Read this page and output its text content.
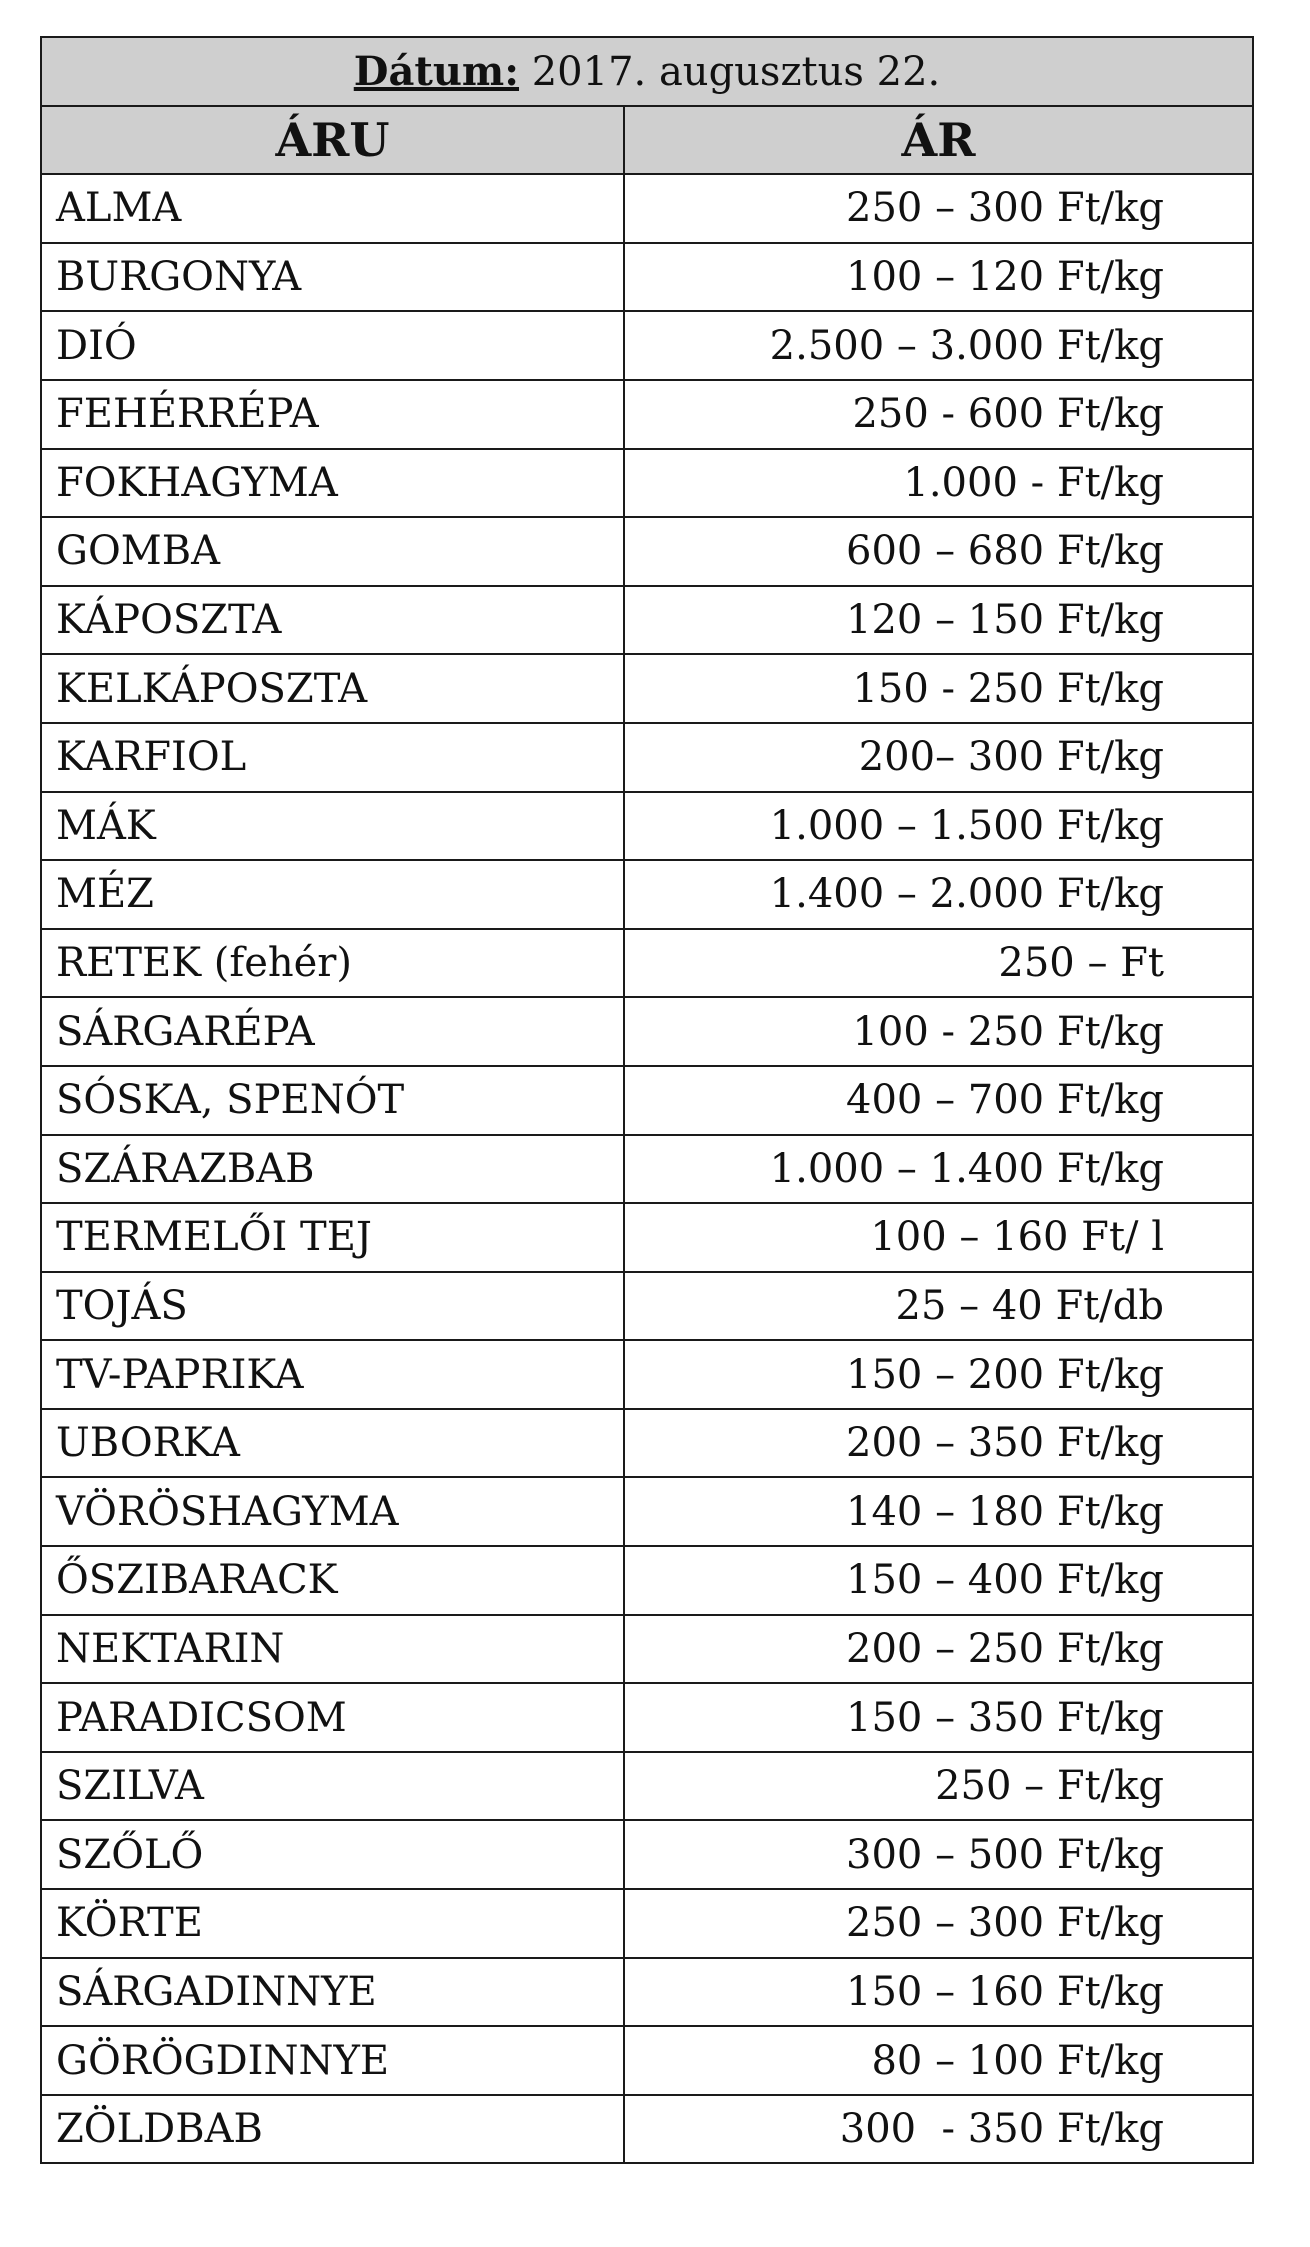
Dátum: 2017. augusztus 22.	
ÁRU	ÁR
ALMA	250 – 300 Ft/kg
BURGONYA	100 – 120 Ft/kg
DIÓ	2.500 – 3.000 Ft/kg
FEHÉRRÉPA	250 - 600 Ft/kg
FOKHAGYMA	1.000 - Ft/kg
GOMBA	600 – 680 Ft/kg
KÁPOSZTA	120 – 150 Ft/kg
KELKÁPOSZTA	150 - 250 Ft/kg
KARFIOL	200– 300 Ft/kg
MÁK	1.000 – 1.500 Ft/kg
MÉZ	1.400 – 2.000 Ft/kg
RETEK (fehér)	250 – Ft
SÁRGARÉPA	100 - 250 Ft/kg
SÓSKA, SPENÓT	400 – 700 Ft/kg
SZÁRAZBAB	1.000 – 1.400 Ft/kg
TERMELŐI TEJ	100 – 160 Ft/ l
TOJÁS	25 – 40 Ft/db
TV-PAPRIKA	150 – 200 Ft/kg
UBORKA	200 – 350 Ft/kg
VÖRÖSHAGYMA	140 – 180 Ft/kg
ŐSZIBARACK	150 – 400 Ft/kg
NEKTARIN	200 – 250 Ft/kg
PARADICSOM	150 – 350 Ft/kg
SZILVA	250 – Ft/kg
SZŐLŐ	300 – 500 Ft/kg
KÖRTE	250 – 300 Ft/kg
SÁRGADINNYE	150 – 160 Ft/kg
GÖRÖGDINNYE	80 – 100 Ft/kg
ZÖLDBAB	300  - 350 Ft/kg
